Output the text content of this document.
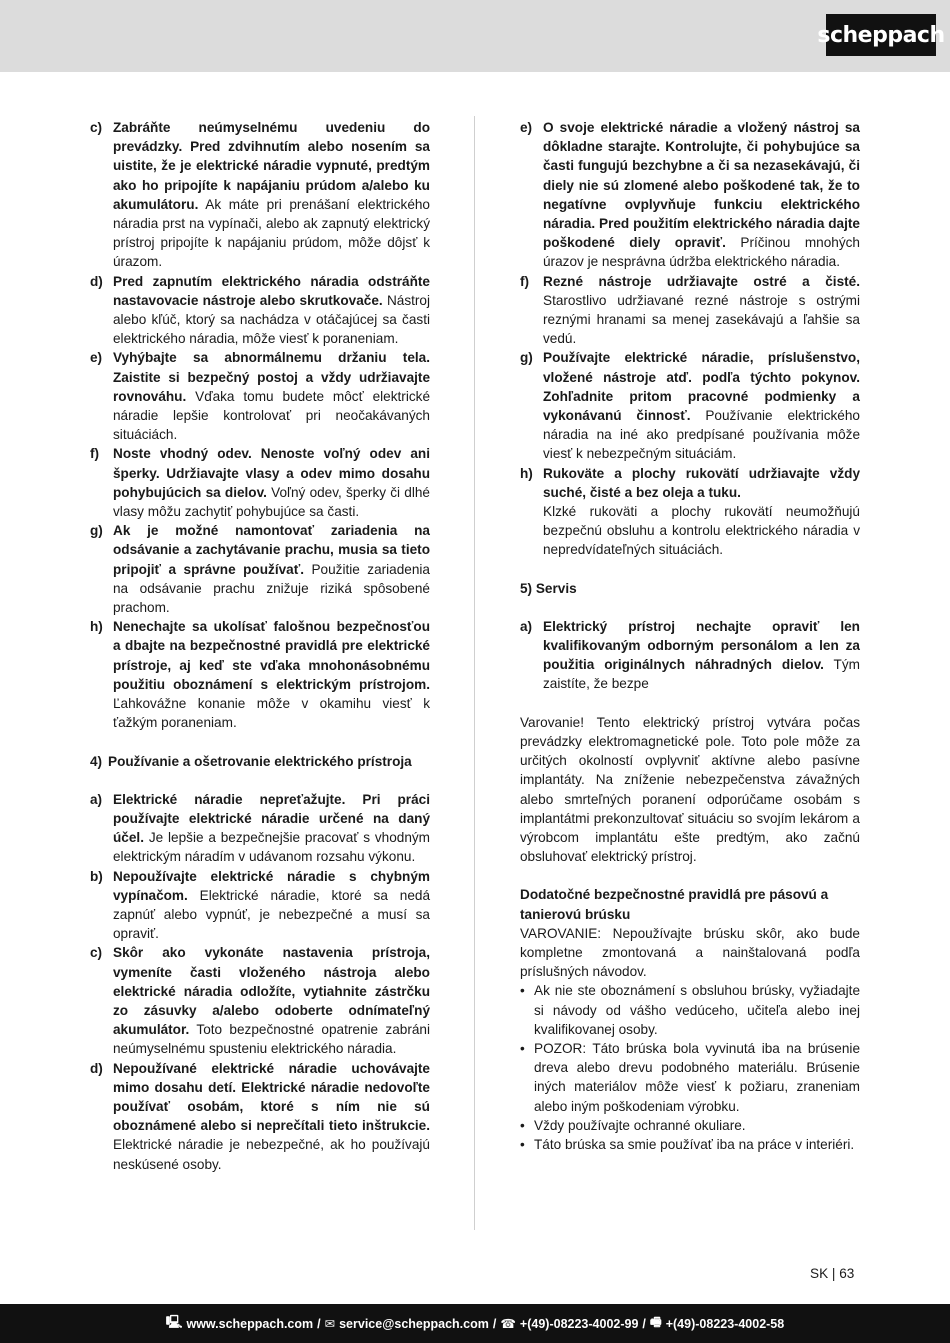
scheppach
c) Zabráňte neúmyselnému uvedeniu do prevádzky. Pred zdvihnutím alebo nosením sa uistite, že je elektrické náradie vypnuté, predtým ako ho pripojíte k napájaniu prúdom a/alebo ku akumulátoru. Ak máte pri prenášaní elektrického náradia prst na vypínači, alebo ak zapnutý elektrický prístroj pripojíte k napájaniu prúdom, môže dôjsť k úrazom.
d) Pred zapnutím elektrického náradia odstráňte nastavovacie nástroje alebo skrutkovače. Nástroj alebo kľúč, ktorý sa nachádza v otáčajúcej sa časti elektrického náradia, môže viesť k poraneniam.
e) Vyhýbajte sa abnormálnemu držaniu tela. Zaistite si bezpečný postoj a vždy udržiavajte rovnováhu. Vďaka tomu budete môcť elektrické náradie lepšie kontrolovať pri neočakávaných situáciách.
f)	Noste vhodný odev. Nenoste voľný odev ani šperky. Udržiavajte vlasy a odev mimo dosahu pohybujúcich sa dielov. Voľný odev, šperky či dlhé vlasy môžu zachytiť pohybujúce sa časti.
g) Ak je možné namontovať zariadenia na odsávanie a zachytávanie prachu, musia sa tieto pripojiť a správne používať. Použitie zariadenia na odsávanie prachu znižuje riziká spôsobené prachom.
h) Nenechajte sa ukolísať falošnou bezpečnosťou a dbajte na bezpečnostné pravidlá pre elektrické prístroje, aj keď ste vďaka mnohonásobnému použitiu oboznámení s elektrickým prístrojom. Ľahkovážne konanie môže v okamihu viesť k ťažkým poraneniam.
4) Používanie a ošetrovanie elektrického prístroja
a) Elektrické náradie nepreťažujte. Pri práci používajte elektrické náradie určené na daný účel. Je lepšie a bezpečnejšie pracovať s vhodným elektrickým náradím v udávanom rozsahu výkonu.
b) Nepoužívajte elektrické náradie s chybným vypínačom. Elektrické náradie, ktoré sa nedá zapnúť alebo vypnúť, je nebezpečné a musí sa opraviť.
c) Skôr ako vykonáte nastavenia prístroja, vymeníte časti vloženého nástroja alebo elektrické náradia odložíte, vytiahnite zástrčku zo zásuvky a/alebo odoberte odnímateľný akumulátor. Toto bezpečnostné opatrenie zabráni neúmyselnému spusteniu elektrického náradia.
d) Nepoužívané elektrické náradie uchovávajte mimo dosahu detí. Elektrické náradie nedovoľte používať osobám, ktoré s ním nie sú oboznámené alebo si neprečítali tieto inštrukcie. Elektrické náradie je nebezpečné, ak ho používajú neskúsené osoby.
e) O svoje elektrické náradie a vložený nástroj sa dôkladne starajte. Kontrolujte, či pohybujúce sa časti fungujú bezchybne a či sa nezasekávajú, či diely nie sú zlomené alebo poškodené tak, že to negatívne ovplyvňuje funkciu elektrického náradia. Pred použitím elektrického náradia dajte poškodené diely opraviť. Príčinou mnohých úrazov je nesprávna údržba elektrického náradia.
f)	Rezné nástroje udržiavajte ostré a čisté. Starostlivo udržiavané rezné nástroje s ostrými reznými hranami sa menej zasekávajú a ľahšie sa vedú.
g) Používajte elektrické náradie, príslušenstvo, vložené nástroje atď. podľa týchto pokynov. Zohľadnite pritom pracovné podmienky a vykonávanú činnosť. Používanie elektrického náradia na iné ako predpísané používania môže viesť k nebezpečným situáciám.
h) Rukoväte a plochy rukovätí udržiavajte vždy suché, čisté a bez oleja a tuku.
Klzké rukoväti a plochy rukovätí neumožňujú bezpečnú obsluhu a kontrolu elektrického náradia v nepredvídateľných situáciách.
5) Servis
a) Elektrický prístroj nechajte opraviť len kvalifikovaným odborným personálom a len za použitia originálnych náhradných dielov. Tým zaistíte, že bezpe

Varovanie! Tento elektrický prístroj vytvára počas prevádzky elektromagnetické pole. Toto pole môže za určitých okolností ovplyvniť aktívne alebo pasívne implantáty. Na zníženie nebezpečenstva závažných alebo smrteľných poranení odporúčame osobám s implantátmi prekonzultovať situáciu so svojím lekárom a výrobcom implantátu ešte predtým, ako začnú obsluhovať elektrický prístroj.

Dodatočné bezpečnostné pravidlá pre pásovú a tanierovú brúsku

VAROVANIE: Nepoužívajte brúsku skôr, ako bude kompletne zmontovaná a nainštalovaná podľa príslušných návodov.

• Ak nie ste oboznámení s obsluhou brúsky, vyžiadajte si návody od vášho vedúceho, učiteľa alebo inej kvalifikovanej osoby.
• POZOR: Táto brúska bola vyvinutá iba na brúsenie dreva alebo drevu podobného materiálu. Brúsenie iných materiálov môže viesť k požiaru, zraneniam alebo iným poškodeniam výrobku.
• Vždy používajte ochranné okuliare.
• Táto brúska sa smie používať iba na práce v interiéri.
SK | 63
🖳︎ www.scheppach.com / ✉︎ service@scheppach.com / ☎︎ +(49)-08223-4002-99 / 🖷︎ +(49)-08223-4002-58
